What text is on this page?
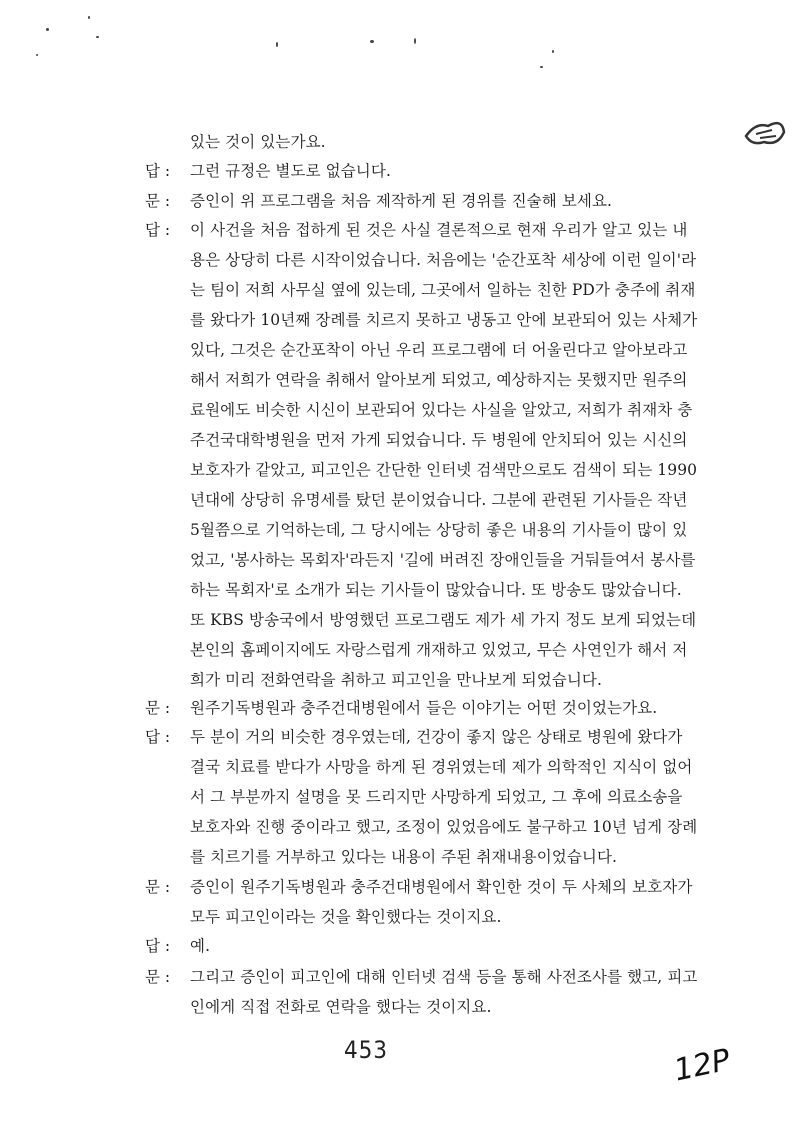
있는 것이 있는가요.
답 : 그런 규정은 별도로 없습니다.
문 : 증인이 위 프로그램을 처음 제작하게 된 경위를 진술해 보세요.
답 : 이 사건을 처음 접하게 된 것은 사실 결론적으로 현재 우리가 알고 있는 내
용은 상당히 다른 시작이었습니다. 처음에는 '순간포착 세상에 이런 일이'라
는 팀이 저희 사무실 옆에 있는데, 그곳에서 일하는 친한 PD가 충주에 취재
를 왔다가 10년째 장례를 치르지 못하고 냉동고 안에 보관되어 있는 사체가
있다, 그것은 순간포착이 아닌 우리 프로그램에 더 어울린다고 알아보라고
해서 저희가 연락을 취해서 알아보게 되었고, 예상하지는 못했지만 원주의
료원에도 비슷한 시신이 보관되어 있다는 사실을 알았고, 저희가 취재차 충
주건국대학병원을 먼저 가게 되었습니다. 두 병원에 안치되어 있는 시신의
보호자가 같았고, 피고인은 간단한 인터넷 검색만으로도 검색이 되는 1990
년대에 상당히 유명세를 탔던 분이었습니다. 그분에 관련된 기사들은 작년
5월쯤으로 기억하는데, 그 당시에는 상당히 좋은 내용의 기사들이 많이 있
었고, '봉사하는 목회자'라든지 '길에 버려진 장애인들을 거둬들여서 봉사를
하는 목회자'로 소개가 되는 기사들이 많았습니다. 또 방송도 많았습니다.
또 KBS 방송국에서 방영했던 프로그램도 제가 세 가지 정도 보게 되었는데
본인의 홈페이지에도 자랑스럽게 개재하고 있었고, 무슨 사연인가 해서 저
희가 미리 전화연락을 취하고 피고인을 만나보게 되었습니다.
문 : 원주기독병원과 충주건대병원에서 들은 이야기는 어떤 것이었는가요.
답 : 두 분이 거의 비슷한 경우였는데, 건강이 좋지 않은 상태로 병원에 왔다가
결국 치료를 받다가 사망을 하게 된 경위였는데 제가 의학적인 지식이 없어
서 그 부분까지 설명을 못 드리지만 사망하게 되었고, 그 후에 의료소송을
보호자와 진행 중이라고 했고, 조정이 있었음에도 불구하고 10년 넘게 장례
를 치르기를 거부하고 있다는 내용이 주된 취재내용이었습니다.
문 : 증인이 원주기독병원과 충주건대병원에서 확인한 것이 두 사체의 보호자가
모두 피고인이라는 것을 확인했다는 것이지요.
답 : 예.
문 : 그리고 증인이 피고인에 대해 인터넷 검색 등을 통해 사전조사를 했고, 피고
인에게 직접 전화로 연락을 했다는 것이지요.
453	12P
